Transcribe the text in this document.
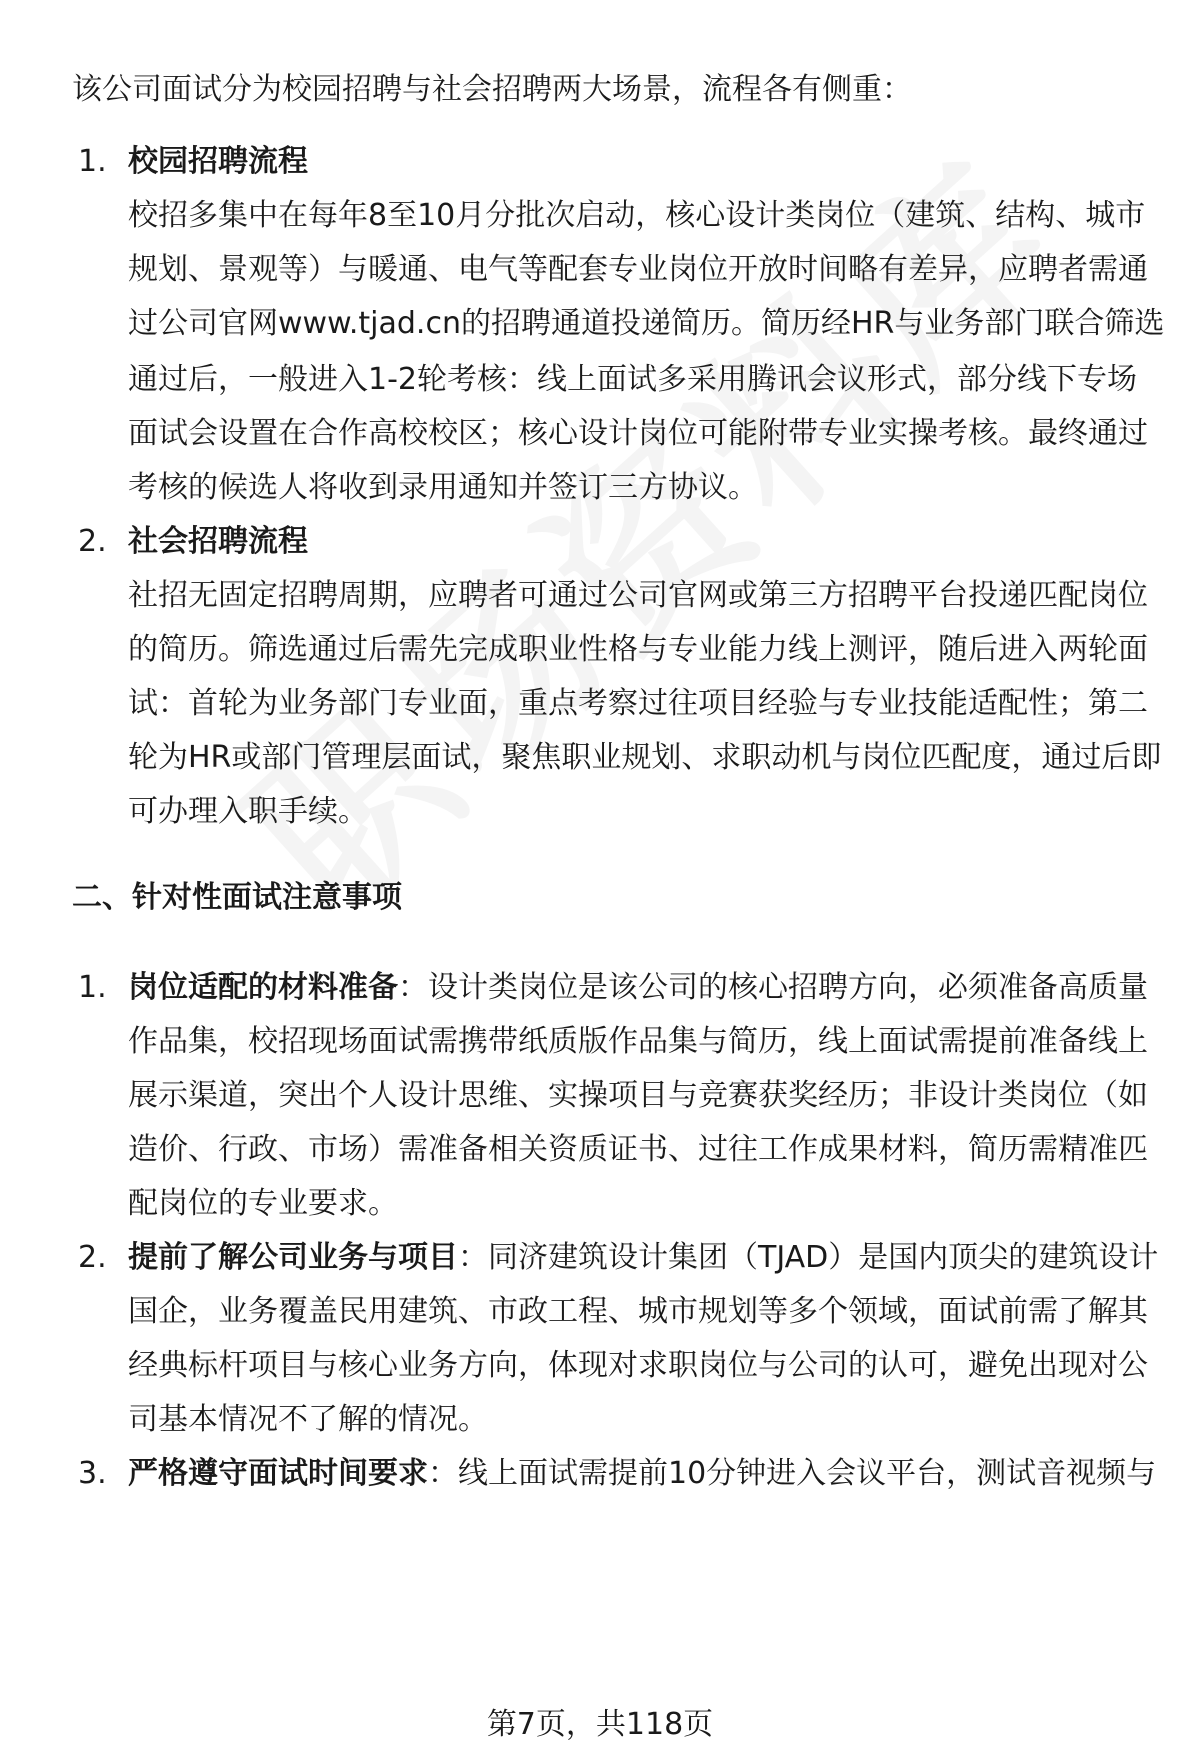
该公司面试分为校园招聘与社会招聘两大场景，流程各有侧重：
1. 校园招聘流程
校招多集中在每年8至10月分批次启动，核心设计类岗位（建筑、结构、城市
规划、景观等）与暖通、电气等配套专业岗位开放时间略有差异，应聘者需通
过公司官网www.tjad.cn的招聘通道投递简历。简历经HR与业务部门联合筛选
通过后，一般进入1-2轮考核：线上面试多采用腾讯会议形式，部分线下专场
面试会设置在合作高校校区；核心设计岗位可能附带专业实操考核。最终通过
考核的候选人将收到录用通知并签订三方协议。
2. 社会招聘流程
社招无固定招聘周期，应聘者可通过公司官网或第三方招聘平台投递匹配岗位
的简历。筛选通过后需先完成职业性格与专业能力线上测评，随后进入两轮面
试：首轮为业务部门专业面，重点考察过往项目经验与专业技能适配性；第二
轮为HR或部门管理层面试，聚焦职业规划、求职动机与岗位匹配度，通过后即
可办理入职手续。
二、针对性面试注意事项
1. 岗位适配的材料准备：设计类岗位是该公司的核心招聘方向，必须准备高质量
作品集，校招现场面试需携带纸质版作品集与简历，线上面试需提前准备线上
展示渠道，突出个人设计思维、实操项目与竞赛获奖经历；非设计类岗位（如
造价、行政、市场）需准备相关资质证书、过往工作成果材料，简历需精准匹
配岗位的专业要求。
2. 提前了解公司业务与项目：同济建筑设计集团（TJAD）是国内顶尖的建筑设计
国企，业务覆盖民用建筑、市政工程、城市规划等多个领域，面试前需了解其
经典标杆项目与核心业务方向，体现对求职岗位与公司的认可，避免出现对公
司基本情况不了解的情况。
3. 严格遵守面试时间要求：线上面试需提前10分钟进入会议平台，测试音视频与
第7页，共118页
